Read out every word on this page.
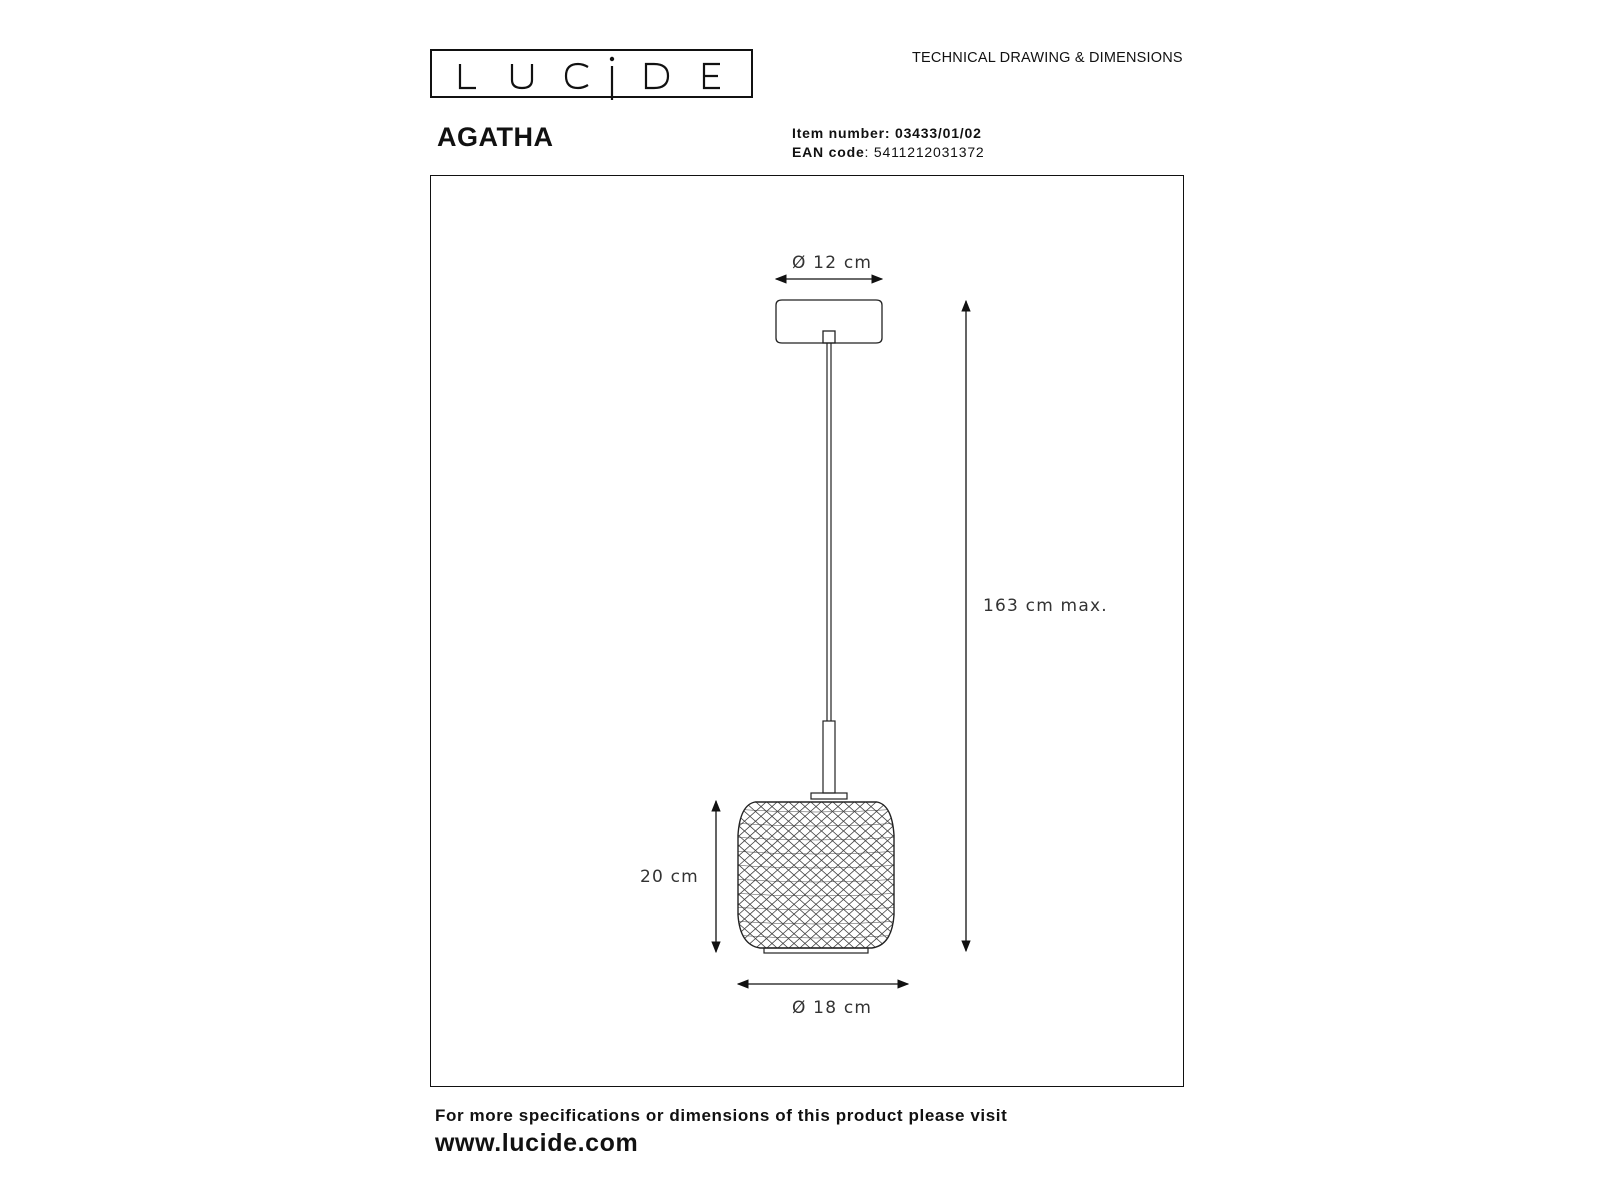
TECHNICAL DRAWING & DIMENSIONS
AGATHA	Item number: 03433/01/02
EAN code: 5411212031372
Ø 12 cm
163 cm max.
20 cm
Ø 18 cm
For more specifications or dimensions of this product please visit
www.lucide.com
